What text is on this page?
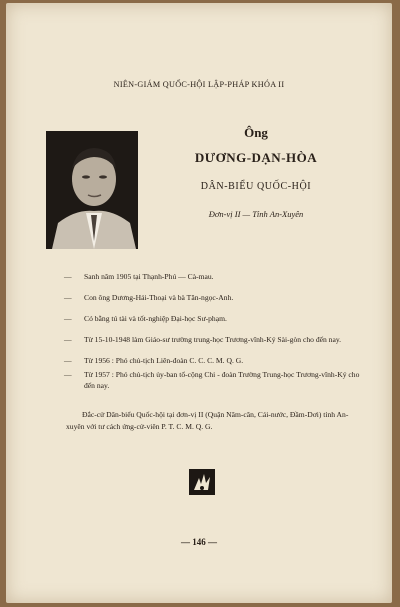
NIÊN-GIÁM QUỐC-HỘI LẬP-PHÁP KHÓA II
Ông
DƯƠNG-DẠN-HÒA
DÂN-BIỂU QUỐC-HỘI
Đơn-vị II — Tỉnh An-Xuyên
—	Sanh năm 1905 tại Thạnh-Phú — Cà-mau.
—	Con ông Dương-Hải-Thoại và bà Tăn-ngọc-Anh.
—	Có bằng tú tài và tốt-nghiệp Đại-học Sư-phạm.
—	Từ 15-10-1948 làm Giáo-sư trường trung-học Trương-vĩnh-Ký Sài-gòn cho đến nay.
—	Từ 1956 : Phó chủ-tịch Liên-đoàn C. C. C. M. Q. G.
—	Từ 1957 : Phó chủ-tịch ủy-ban tổ-cộng Chi - đoàn Trường Trung-học Trương-vĩnh-Ký cho đến nay.
Đắc-cử Dân-biểu Quốc-hội tại đơn-vị II (Quận Năm-căn, Cái-nước, Đầm-Dơi) tỉnh An-xuyên với tư cách ứng-cử-viên P. T. C. M. Q. G.
— 146 —
